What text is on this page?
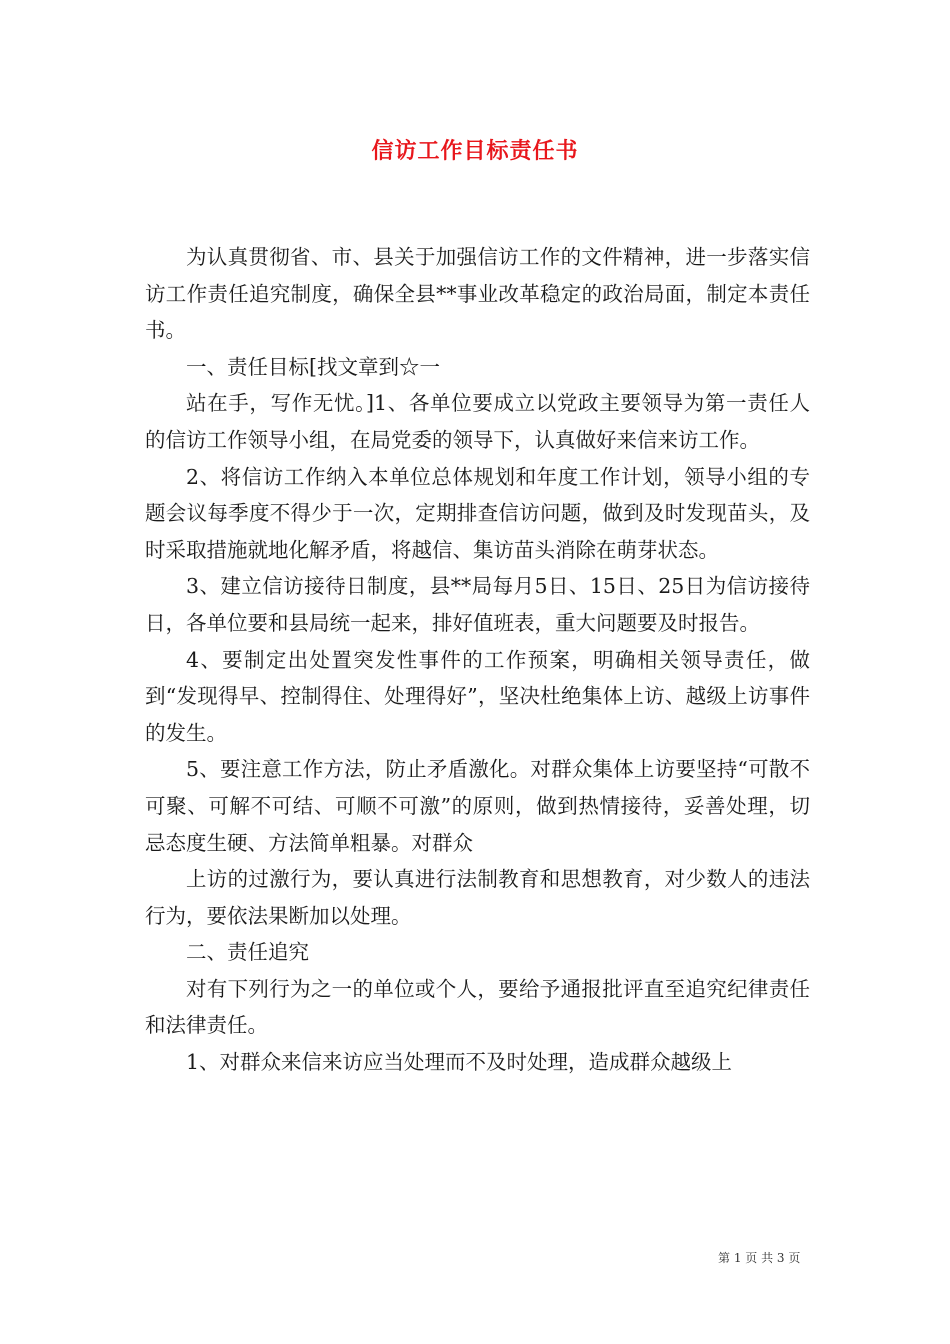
信访工作目标责任书

为认真贯彻省、市、县关于加强信访工作的文件精神，进一步落实信访工作责任追究制度，确保全县**事业改革稳定的政治局面，制定本责任书。

一、责任目标[找文章到☆一

站在手，写作无忧。]1、各单位要成立以党政主要领导为第一责任人的信访工作领导小组，在局党委的领导下，认真做好来信来访工作。

2、将信访工作纳入本单位总体规划和年度工作计划，领导小组的专题会议每季度不得少于一次，定期排查信访问题，做到及时发现苗头，及时采取措施就地化解矛盾，将越信、集访苗头消除在萌芽状态。

3、建立信访接待日制度，县**局每月5日、15日、25日为信访接待日，各单位要和县局统一起来，排好值班表，重大问题要及时报告。

4、要制定出处置突发性事件的工作预案，明确相关领导责任，做到“发现得早、控制得住、处理得好”，坚决杜绝集体上访、越级上访事件的发生。

5、要注意工作方法，防止矛盾激化。对群众集体上访要坚持“可散不可聚、可解不可结、可顺不可激”的原则，做到热情接待，妥善处理，切忌态度生硬、方法简单粗暴。对群众

上访的过激行为，要认真进行法制教育和思想教育，对少数人的违法行为，要依法果断加以处理。

二、责任追究

对有下列行为之一的单位或个人，要给予通报批评直至追究纪律责任和法律责任。

1、对群众来信来访应当处理而不及时处理，造成群众越级上

第 1 页 共 3 页
